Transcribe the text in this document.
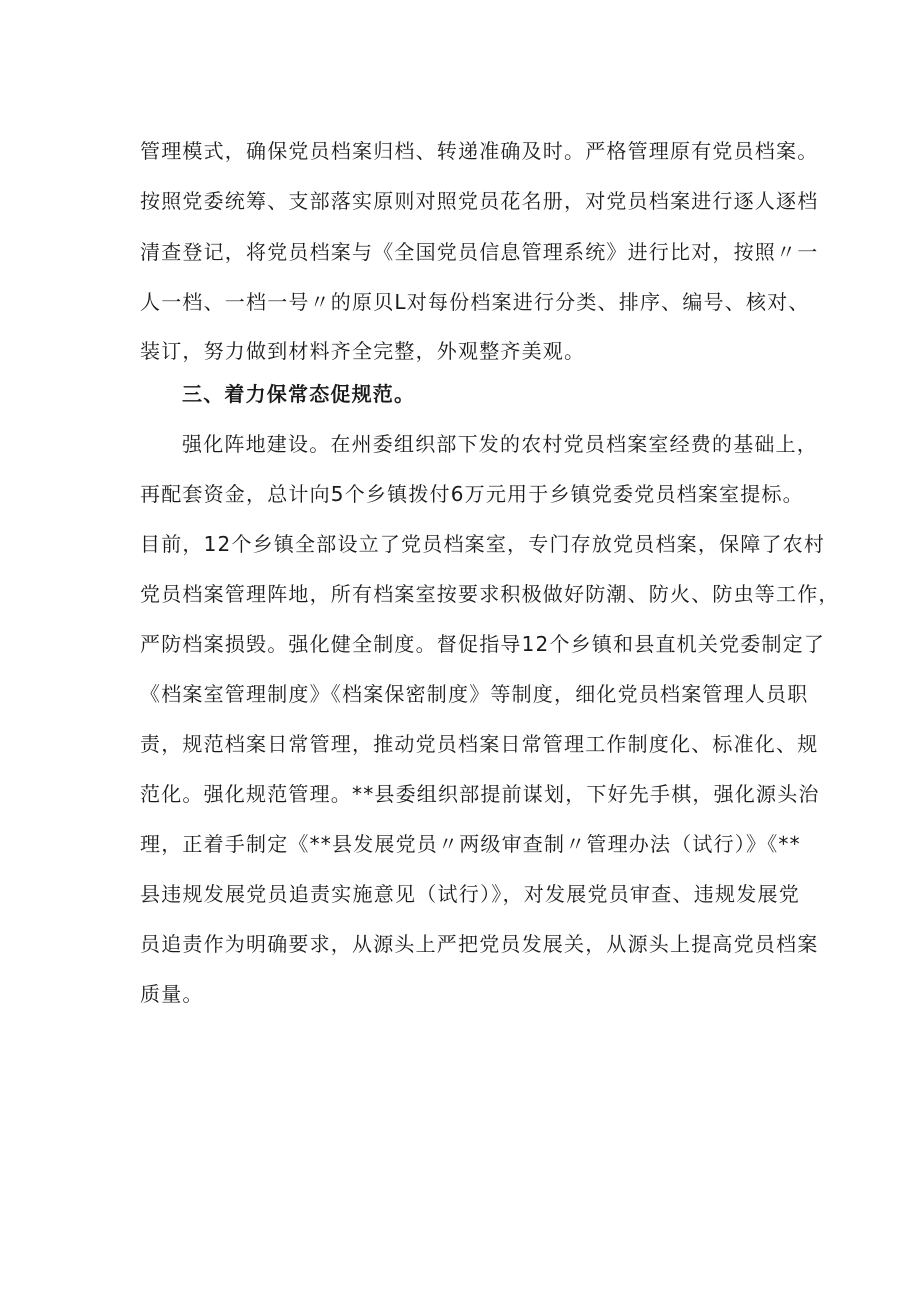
管理模式，确保党员档案归档、转递准确及时。严格管理原有党员档案。
按照党委统筹、支部落实原则对照党员花名册，对党员档案进行逐人逐档
清查登记，将党员档案与《全国党员信息管理系统》进行比对，按照〃一
人一档、一档一号〃的原贝L对每份档案进行分类、排序、编号、核对、
装订，努力做到材料齐全完整，外观整齐美观。
三、着力保常态促规范。
强化阵地建设。在州委组织部下发的农村党员档案室经费的基础上，
再配套资金，总计向5个乡镇拨付6万元用于乡镇党委党员档案室提标。
目前，12个乡镇全部设立了党员档案室，专门存放党员档案，保障了农村
党员档案管理阵地，所有档案室按要求积极做好防潮、防火、防虫等工作，
严防档案损毁。强化健全制度。督促指导12个乡镇和县直机关党委制定了
《档案室管理制度》《档案保密制度》等制度，细化党员档案管理人员职
责，规范档案日常管理，推动党员档案日常管理工作制度化、标准化、规
范化。强化规范管理。**县委组织部提前谋划，下好先手棋，强化源头治
理，正着手制定《**县发展党员〃两级审查制〃管理办法（试行）》《**
县违规发展党员追责实施意见（试行）》，对发展党员审查、违规发展党
员追责作为明确要求，从源头上严把党员发展关，从源头上提高党员档案
质量。
